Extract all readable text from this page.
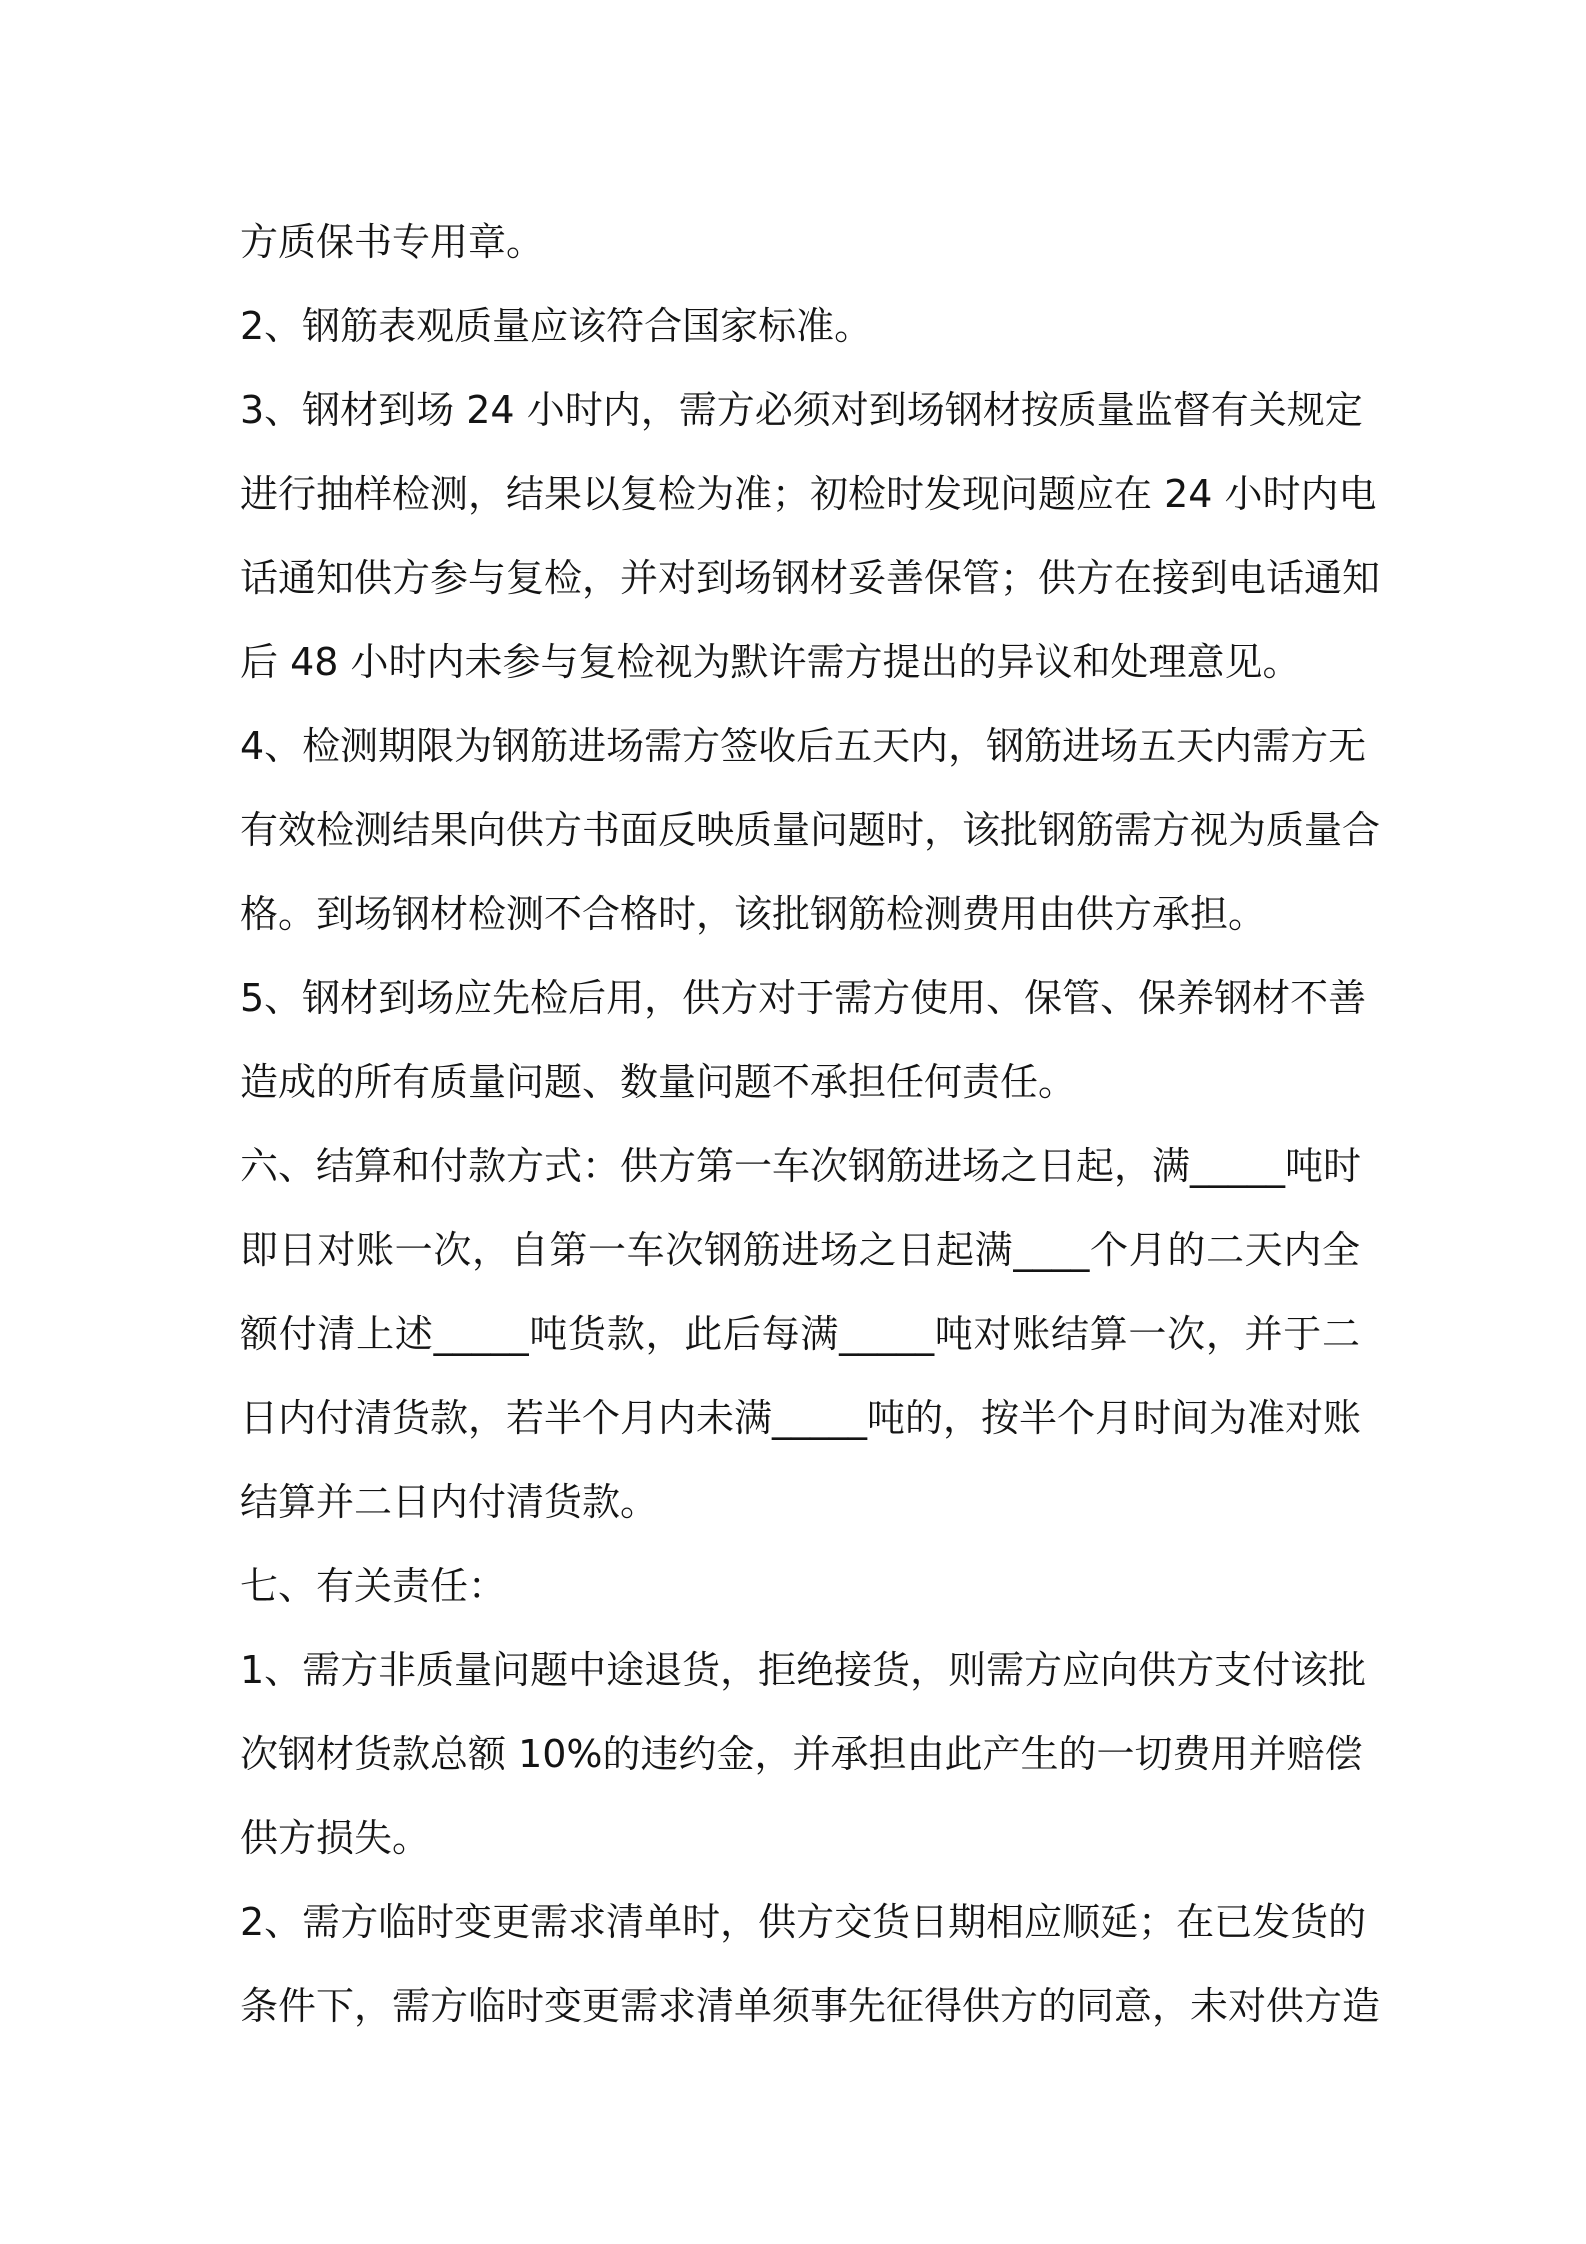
方质保书专用章。
2、钢筋表观质量应该符合国家标准。
3、钢材到场 24 小时内，需方必须对到场钢材按质量监督有关规定
进行抽样检测，结果以复检为准；初检时发现问题应在 24 小时内电
话通知供方参与复检，并对到场钢材妥善保管；供方在接到电话通知
后 48 小时内未参与复检视为默许需方提出的异议和处理意见。
4、检测期限为钢筋进场需方签收后五天内，钢筋进场五天内需方无
有效检测结果向供方书面反映质量问题时，该批钢筋需方视为质量合
格。到场钢材检测不合格时，该批钢筋检测费用由供方承担。
5、钢材到场应先检后用，供方对于需方使用、保管、保养钢材不善
造成的所有质量问题、数量问题不承担任何责任。
六、结算和付款方式：供方第一车次钢筋进场之日起，满_____吨时
即日对账一次，自第一车次钢筋进场之日起满____个月的二天内全
额付清上述_____吨货款，此后每满_____吨对账结算一次，并于二
日内付清货款，若半个月内未满_____吨的，按半个月时间为准对账
结算并二日内付清货款。
七、有关责任：
1、需方非质量问题中途退货，拒绝接货，则需方应向供方支付该批
次钢材货款总额 10%的违约金，并承担由此产生的一切费用并赔偿
供方损失。
2、需方临时变更需求清单时，供方交货日期相应顺延；在已发货的
条件下，需方临时变更需求清单须事先征得供方的同意，未对供方造
